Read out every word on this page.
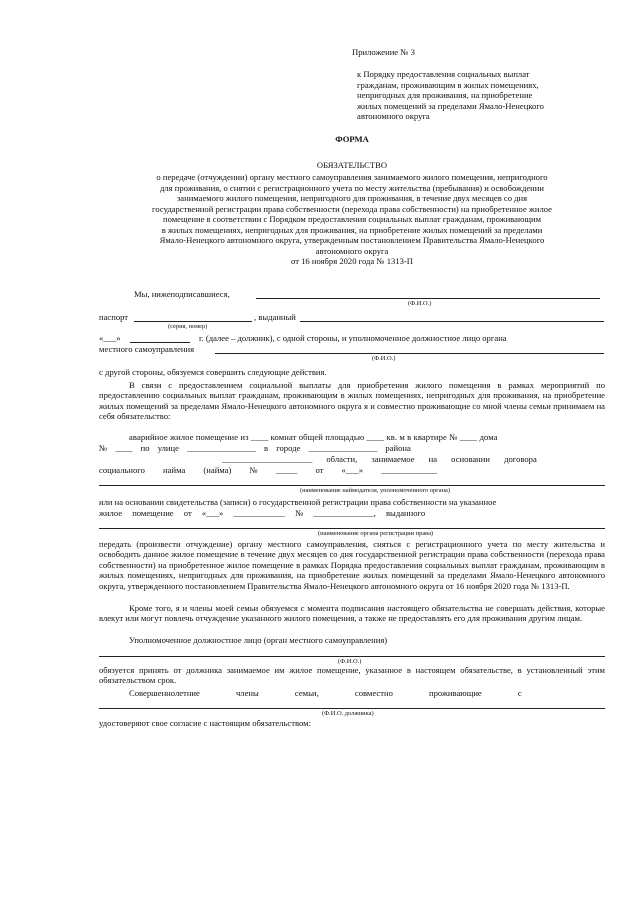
Приложение № 3
к Порядку предоставления социальных выплат
гражданам, проживающим в жилых помещениях,
непригодных для проживания, на приобретение
жилых помещений за пределами Ямало-Ненецкого
автономного округа
ФОРМА
ОБЯЗАТЕЛЬСТВО
о передаче (отчуждении) органу местного самоуправления занимаемого жилого помещения, непригодного
для проживания, о снятии с регистрационного учета по месту жительства (пребывания) и освобождении
занимаемого жилого помещения, непригодного для проживания, в течение двух месяцев со дня
государственной регистрации права собственности (перехода права собственности) на приобретенное жилое
помещение в соответствии с Порядком предоставления социальных выплат гражданам, проживающим
в жилых помещениях, непригодных для проживания, на приобретение жилых помещений за пределами
Ямало-Ненецкого автономного округа, утвержденным постановлением Правительства Ямало-Ненецкого
автономного округа
от 16 ноября 2020 года № 1313-П
Мы, нижеподписавшиеся,
(Ф.И.О.)
паспорт	, выданный
(серия, номер)
«___»	г. (далее – должник), с одной стороны, и уполномоченное должностное лицо органа
местного самоуправления
(Ф.И.О.)
с другой стороны, обязуемся совершить следующие действия.
В связи с предоставлением социальной выплаты для приобретения жилого помещения в рамках мероприятий по предоставлению социальных выплат гражданам, проживающим в жилых помещениях, непригодных для проживания, на приобретение жилых помещений за пределами Ямало-Ненецкого автономного округа я и совместно проживающие со мной члены семьи принимаем на себя обязательство:
аварийное жилое помещение из ____ комнат общей площадью ____ кв. м в квартире № ____ дома
№ ____ по улице ________________ в городе ________________ района
_____________________ области, занимаемое на основании договора
социального найма (найма) № _____ от «___» _____________
(наименование наймодателя, уполномоченного органа)
или на основании свидетельства (записи) о государственной регистрации права собственности на указанное
жилое помещение от «___» ____________ № ______________, выданного
(наименование органа регистрации права)
передать (произвести отчуждение) органу местного самоуправления, сняться с регистрационного учета по месту жительства и освободить данное жилое помещение в течение двух месяцев со дня государственной регистрации права собственности (перехода права собственности) на приобретенное жилое помещение в рамках Порядка предоставления социальных выплат гражданам, проживающим в жилых помещениях, непригодных для проживания, на приобретение жилых помещений за пределами Ямало-Ненецкого автономного округа, утвержденного постановлением Правительства Ямало-Ненецкого автономного округа от 16 ноября 2020 года № 1313-П.
Кроме того, я и члены моей семьи обязуемся с момента подписания настоящего обязательства не совершать действия, которые влекут или могут повлечь отчуждение указанного жилого помещения, а также не предоставлять его для проживания другим лицам.
Уполномоченное должностное лицо (орган местного самоуправления)
(Ф.И.О.)
обязуется принять от должника занимаемое им жилое помещение, указанное в настоящем обязательстве, в установленный этим обязательством срок.
Совершеннолетние члены семьи, совместно проживающие с
(Ф.И.О. должника)
удостоверяют свое согласие с настоящим обязательством:
